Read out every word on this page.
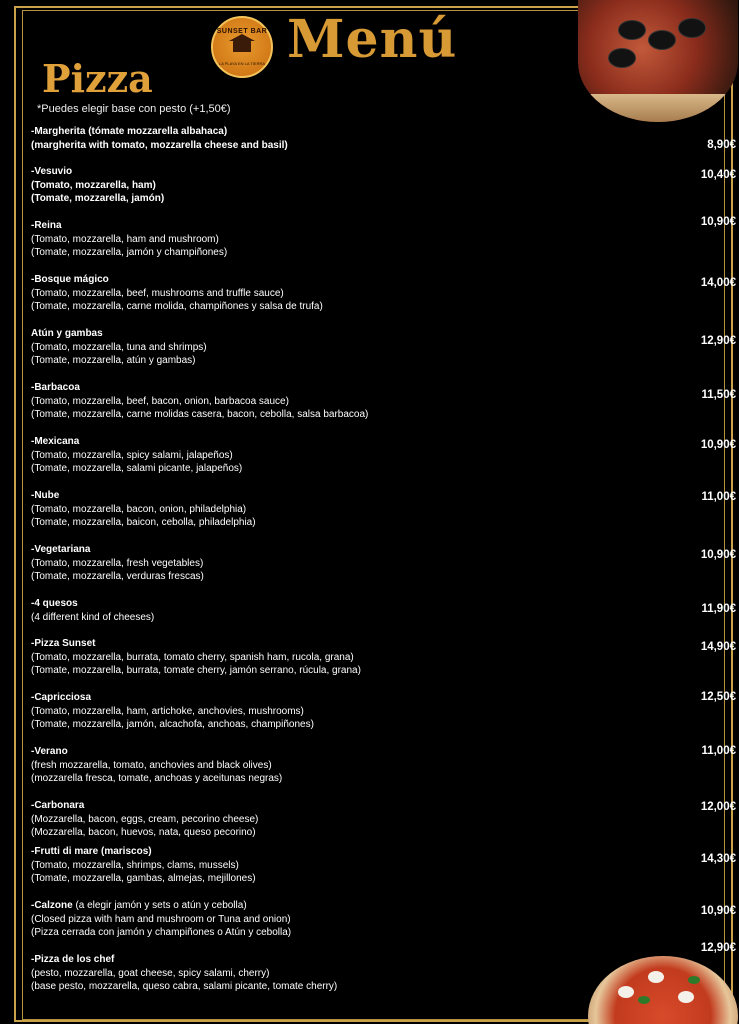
SUNSET BAR
LA PLAYA EN LA TIERRA Menú
Pizza
*Puedes elegir base con pesto (+1,50€)
-Margherita (tómate mozzarella albahaca)
(margherita with tomato, mozzarella cheese and basil)	8,90€
-Vesuvio
(Tomato, mozzarella, ham)
(Tomate, mozzarella, jamón)
10,40€
-Reina
(Tomato, mozzarella, ham and mushroom)
(Tomate, mozzarella, jamón y champiñones)
10,90€
-Bosque mágico
(Tomato, mozzarella, beef, mushrooms and truffle sauce)
(Tomate, mozzarella, carne molida, champiñones y salsa de trufa)
14,00€
Atún y gambas
(Tomato, mozzarella, tuna and shrimps)
(Tomate, mozzarella, atún y gambas)
12,90€
-Barbacoa
(Tomato, mozzarella, beef, bacon, onion, barbacoa sauce)
(Tomate, mozzarella, carne molidas casera, bacon, cebolla, salsa barbacoa)
11,50€
-Mexicana
(Tomato, mozzarella, spicy salami, jalapeños)
(Tomate, mozzarella, salami picante, jalapeños)
10,90€
-Nube
(Tomato, mozzarella, bacon, onion, philadelphia)
(Tomate, mozzarella, baicon, cebolla, philadelphia)
11,00€
-Vegetariana
(Tomato, mozzarella, fresh vegetables)
(Tomate, mozzarella, verduras frescas)
10,90€
-4 quesos
(4 different kind of cheeses)
11,90€
-Pizza Sunset
(Tomato, mozzarella, burrata, tomato cherry, spanish ham, rucola, grana)
(Tomate, mozzarella, burrata, tomate cherry, jamón serrano, rúcula, grana)
14,90€
-Capricciosa
(Tomato, mozzarella, ham, artichoke, anchovies, mushrooms)
(Tomate, mozzarella, jamón, alcachofa, anchoas, champiñones)
12,50€
-Verano
(fresh mozzarella, tomato, anchovies and black olives)
(mozzarella fresca, tomate, anchoas y aceitunas negras)
11,00€
-Carbonara
(Mozzarella, bacon, eggs, cream, pecorino cheese)
(Mozzarella, bacon, huevos, nata, queso pecorino)
12,00€
-Frutti di mare (mariscos)
(Tomato, mozzarella, shrimps, clams, mussels)
(Tomate, mozzarella, gambas, almejas, mejillones)
14,30€
-Calzone (a elegir jamón y sets o atún y cebolla)
(Closed pizza with ham and mushroom or Tuna and onion)
(Pizza cerrada con jamón y champiñones o Atún y cebolla)
10,90€
-Pizza de los chef
(pesto, mozzarella, goat cheese, spicy salami, cherry)
(base pesto, mozzarella, queso cabra, salami picante, tomate cherry)
12,90€
